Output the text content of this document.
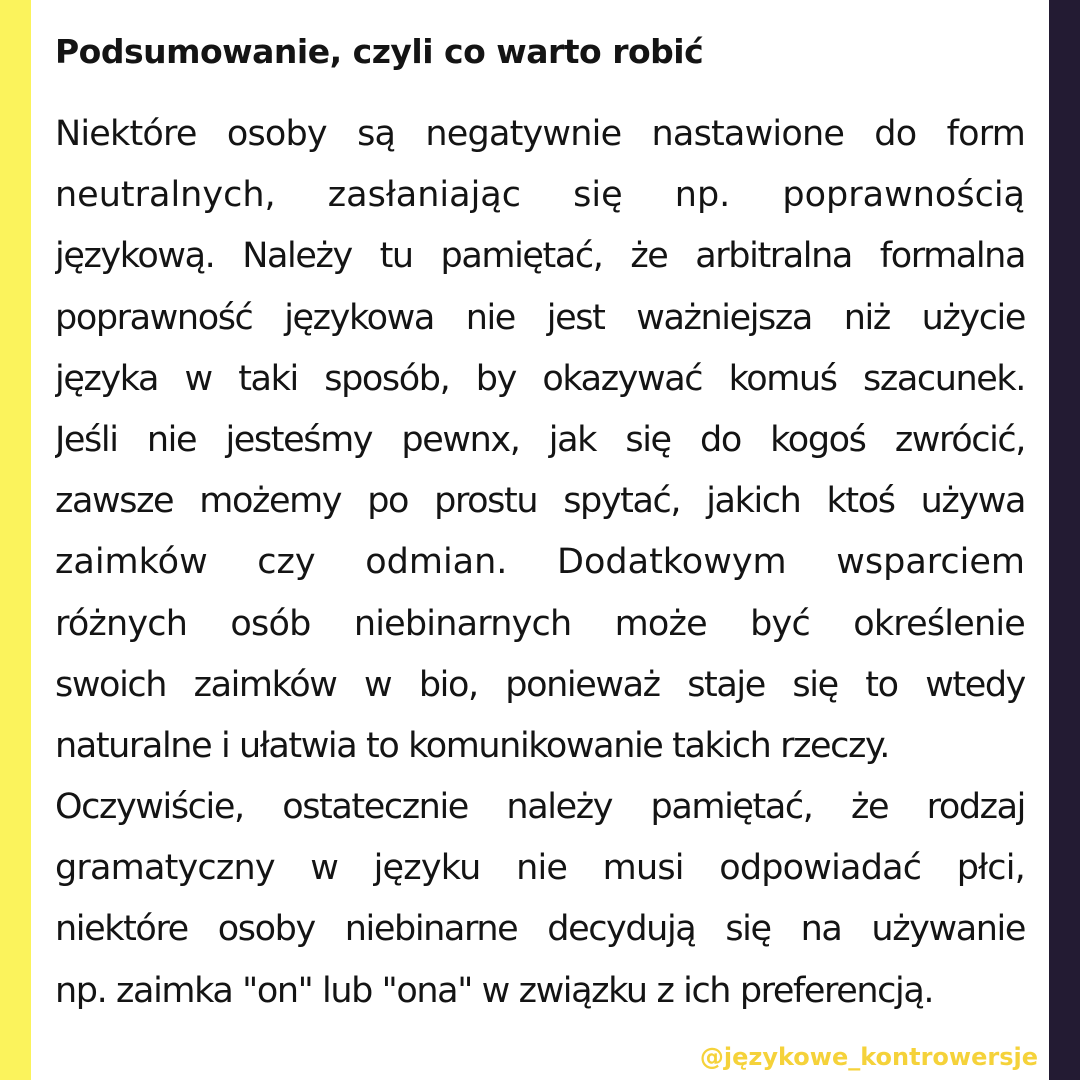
Podsumowanie, czyli co warto robić
Niektóre osoby są negatywnie nastawione do form
neutralnych, zasłaniając się np. poprawnością
językową. Należy tu pamiętać, że arbitralna formalna
poprawność językowa nie jest ważniejsza niż użycie
języka w taki sposób, by okazywać komuś szacunek.
Jeśli nie jesteśmy pewnx, jak się do kogoś zwrócić,
zawsze możemy po prostu spytać, jakich ktoś używa
zaimków czy odmian. Dodatkowym wsparciem
różnych osób niebinarnych może być określenie
swoich zaimków w bio, ponieważ staje się to wtedy
naturalne i ułatwia to komunikowanie takich rzeczy.
Oczywiście, ostatecznie należy pamiętać, że rodzaj
gramatyczny w języku nie musi odpowiadać płci,
niektóre osoby niebinarne decydują się na używanie
np. zaimka "on" lub "ona" w związku z ich preferencją.
@językowe_kontrowersje
